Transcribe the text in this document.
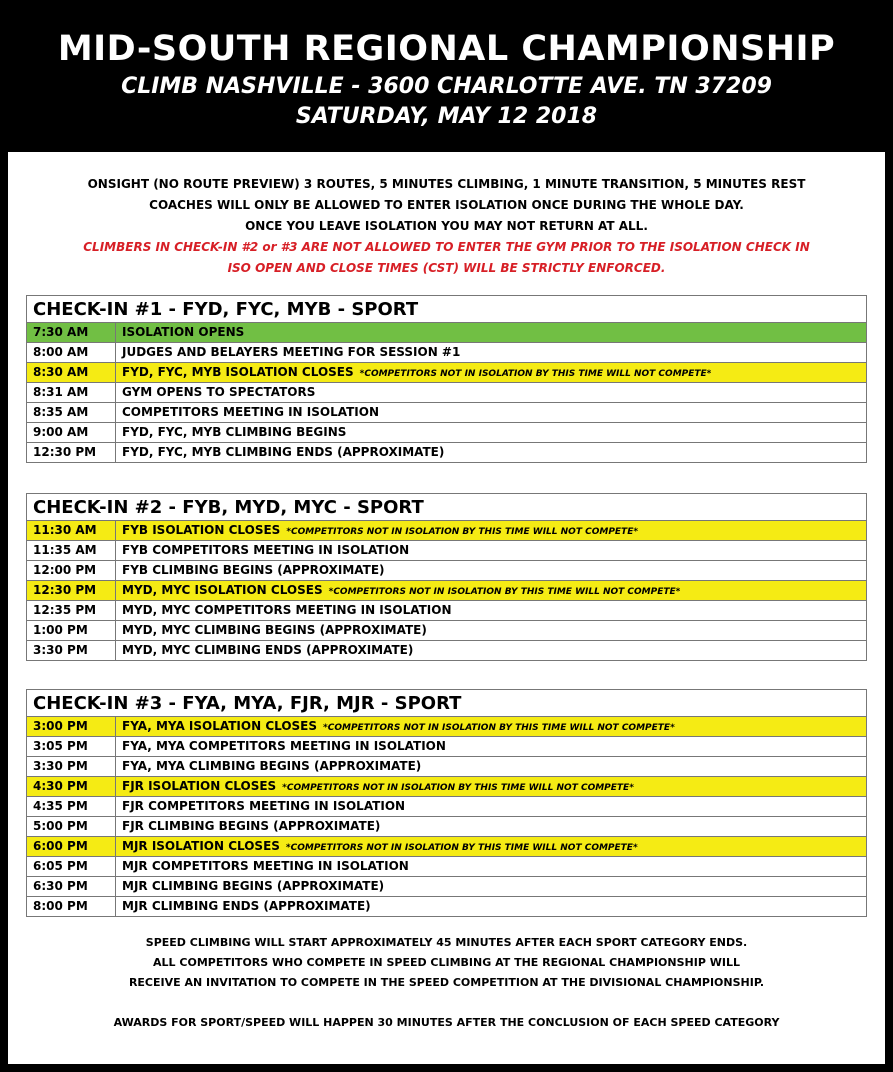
MID-SOUTH REGIONAL CHAMPIONSHIP
CLIMB NASHVILLE - 3600 CHARLOTTE AVE. TN 37209
SATURDAY, MAY 12 2018
ONSIGHT (NO ROUTE PREVIEW) 3 ROUTES, 5 MINUTES CLIMBING, 1 MINUTE TRANSITION, 5 MINUTES REST
COACHES WILL ONLY BE ALLOWED TO ENTER ISOLATION ONCE DURING THE WHOLE DAY.
ONCE YOU LEAVE ISOLATION YOU MAY NOT RETURN AT ALL.
CLIMBERS IN CHECK-IN #2 or #3 ARE NOT ALLOWED TO ENTER THE GYM PRIOR TO THE ISOLATION CHECK IN
ISO OPEN AND CLOSE TIMES (CST) WILL BE STRICTLY ENFORCED.
CHECK-IN #1 - FYD, FYC, MYB - SPORT
7:30 AM	ISOLATION OPENS
8:00 AM	JUDGES AND BELAYERS MEETING FOR SESSION #1
8:30 AM	FYD, FYC, MYB ISOLATION CLOSES *COMPETITORS NOT IN ISOLATION BY THIS TIME WILL NOT COMPETE*
8:31 AM	GYM OPENS TO SPECTATORS
8:35 AM	COMPETITORS MEETING IN ISOLATION
9:00 AM	FYD, FYC, MYB CLIMBING BEGINS
12:30 PM	FYD, FYC, MYB CLIMBING ENDS (APPROXIMATE)
CHECK-IN #2 - FYB, MYD, MYC - SPORT
11:30 AM	FYB ISOLATION CLOSES *COMPETITORS NOT IN ISOLATION BY THIS TIME WILL NOT COMPETE*
11:35 AM	FYB COMPETITORS MEETING IN ISOLATION
12:00 PM	FYB CLIMBING BEGINS (APPROXIMATE)
12:30 PM	MYD, MYC ISOLATION CLOSES *COMPETITORS NOT IN ISOLATION BY THIS TIME WILL NOT COMPETE*
12:35 PM	MYD, MYC COMPETITORS MEETING IN ISOLATION
1:00 PM	MYD, MYC CLIMBING BEGINS (APPROXIMATE)
3:30 PM	MYD, MYC CLIMBING ENDS (APPROXIMATE)
CHECK-IN #3 - FYA, MYA, FJR, MJR - SPORT
3:00 PM	FYA, MYA ISOLATION CLOSES *COMPETITORS NOT IN ISOLATION BY THIS TIME WILL NOT COMPETE*
3:05 PM	FYA, MYA COMPETITORS MEETING IN ISOLATION
3:30 PM	FYA, MYA CLIMBING BEGINS (APPROXIMATE)
4:30 PM	FJR ISOLATION CLOSES *COMPETITORS NOT IN ISOLATION BY THIS TIME WILL NOT COMPETE*
4:35 PM	FJR COMPETITORS MEETING IN ISOLATION
5:00 PM	FJR CLIMBING BEGINS (APPROXIMATE)
6:00 PM	MJR ISOLATION CLOSES *COMPETITORS NOT IN ISOLATION BY THIS TIME WILL NOT COMPETE*
6:05 PM	MJR COMPETITORS MEETING IN ISOLATION
6:30 PM	MJR CLIMBING BEGINS (APPROXIMATE)
8:00 PM	MJR CLIMBING ENDS (APPROXIMATE)
SPEED CLIMBING WILL START APPROXIMATELY 45 MINUTES AFTER EACH SPORT CATEGORY ENDS.
ALL COMPETITORS WHO COMPETE IN SPEED CLIMBING AT THE REGIONAL CHAMPIONSHIP WILL
RECEIVE AN INVITATION TO COMPETE IN THE SPEED COMPETITION AT THE DIVISIONAL CHAMPIONSHIP.
AWARDS FOR SPORT/SPEED WILL HAPPEN 30 MINUTES AFTER THE CONCLUSION OF EACH SPEED CATEGORY
